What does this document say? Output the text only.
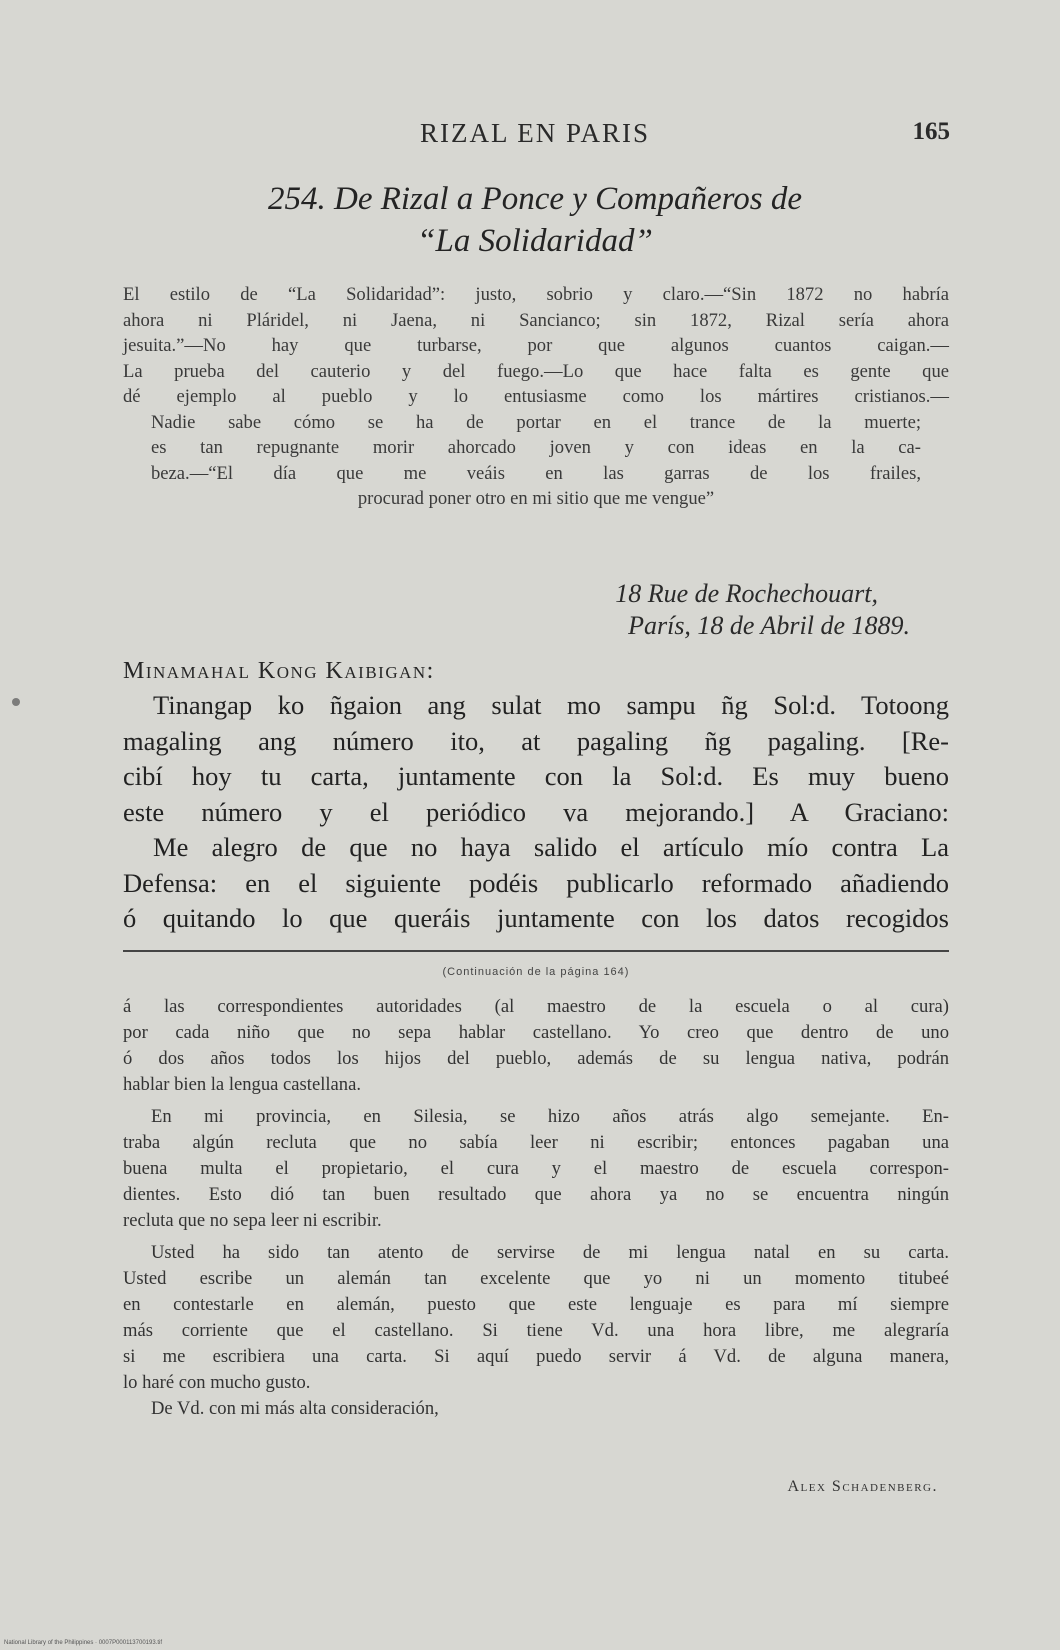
RIZAL EN PARIS	165
254. De Rizal a Ponce y Compañeros de
“La Solidaridad”
El estilo de “La Solidaridad”: justo, sobrio y claro.—“Sin 1872 no habría
ahora ni Pláridel, ni Jaena, ni Sancianco; sin 1872, Rizal sería ahora
jesuita.”—No hay que turbarse, por que algunos cuantos caigan.—
La prueba del cauterio y del fuego.—Lo que hace falta es gente que
dé ejemplo al pueblo y lo entusiasme como los mártires cristianos.—
Nadie sabe cómo se ha de portar en el trance de la muerte;
es tan repugnante morir ahorcado joven y con ideas en la ca-
beza.—“El día que me veáis en las garras de los frailes,
procurad poner otro en mi sitio que me vengue”
18 Rue de Rochechouart,
París, 18 de Abril de 1889.
Minamahal Kong Kaibigan:
Tinangap ko ñgaion ang sulat mo sampu ñg Sol:d. Totoong
magaling ang número ito, at pagaling ñg pagaling. [Re-
cibí hoy tu carta, juntamente con la Sol:d. Es muy bueno
este número y el periódico va mejorando.] A Graciano:
Me alegro de que no haya salido el artículo mío contra La
Defensa: en el siguiente podéis publicarlo reformado añadiendo
ó quitando lo que queráis juntamente con los datos recogidos
(Continuación de la página 164)
á las correspondientes autoridades (al maestro de la escuela o al cura)
por cada niño que no sepa hablar castellano. Yo creo que dentro de uno
ó dos años todos los hijos del pueblo, además de su lengua nativa, podrán
hablar bien la lengua castellana.
En mi provincia, en Silesia, se hizo años atrás algo semejante. En-
traba algún recluta que no sabía leer ni escribir; entonces pagaban una
buena multa el propietario, el cura y el maestro de escuela correspon-
dientes. Esto dió tan buen resultado que ahora ya no se encuentra ningún
recluta que no sepa leer ni escribir.
Usted ha sido tan atento de servirse de mi lengua natal en su carta.
Usted escribe un alemán tan excelente que yo ni un momento titubeé
en contestarle en alemán, puesto que este lenguaje es para mí siempre
más corriente que el castellano. Si tiene Vd. una hora libre, me alegraría
si me escribiera una carta. Si aquí puedo servir á Vd. de alguna manera,
lo haré con mucho gusto.
De Vd. con mi más alta consideración,
Alex Schadenberg.
National Library of the Philippines · 0007P000113700193.tif
